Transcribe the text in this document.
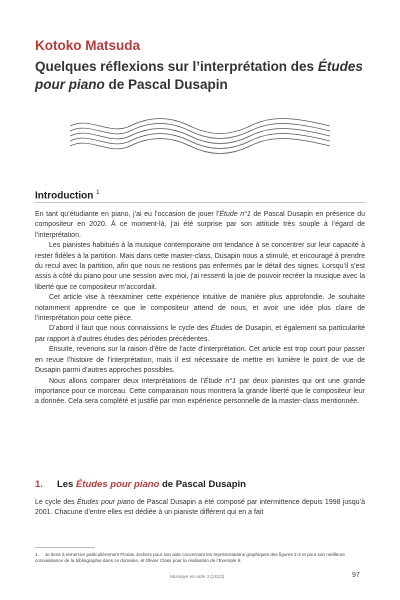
Kotoko Matsuda
Quelques réflexions sur l’interprétation des Études pour piano de Pascal Dusapin
Introduction $^1$

En tant qu’étudiante en piano, j’ai eu l’occasion de jouer l’Étude n°1 de Pascal Dusapin en présence du compositeur en 2020. À ce moment-là, j’ai été surprise par son attitude très souple à l’égard de l’interprétation.

Les pianistes habitués à la musique contemporaine ont tendance à se concentrer sur leur capacité à rester fidèles à la partition. Mais dans cette master-class, Dusapin nous a stimulé, et encouragé à prendre du recul avec la partition, afin que nous ne restions pas enfermés par le détail des signes. Lorsqu’il s’est assis à côté du piano pour une session avec moi, j’ai ressenti la joie de pouvoir recréer la musique avec la liberté que ce compositeur m’accordait.

Cet article vise à réexaminer cette expérience intuitive de manière plus approfondie. Je souhaite notamment apprendre ce que le compositeur attend de nous, et avoir une idée plus claire de l’interprétation pour cette pièce.

D’abord il faut que nous connaissions le cycle des Études de Dusapin, et également sa particularité par rapport à d’autres études des périodes précédentes.

Ensuite, revenons sur la raison d’être de l’acte d’interprétation. Cet article est trop court pour passer en revue l’histoire de l’interprétation, mais il est nécessaire de mettre en lumière le point de vue de Dusapin parmi d’autres approches possibles.

Nous allons comparer deux interprétations de l’Étude n°1 par deux pianistes qui ont une grande importance pour ce morceau. Cette comparaison nous montrera la grande liberté que le compositeur leur a donnée. Cela sera complété et justifié par mon expérience personnelle de la master-class mentionnée.

1. Les Études pour piano de Pascal Dusapin
Le cycle des Études pour piano de Pascal Dusapin a été composé par intermittence depuis 1998 jusqu’à 2001. Chacune d’entre elles est dédiée à un pianiste différent qui en a fait
1. Je tiens à remercier particulièrement Florian Jochers pour son aide concernant les représentations graphiques des figures 2-3 et pour son meilleure connaissance de la bibliographie dans ce domaine, et Olivier Class pour la réalisation de l’Exemple 6.
Musique en acte 3 (2022)	97
